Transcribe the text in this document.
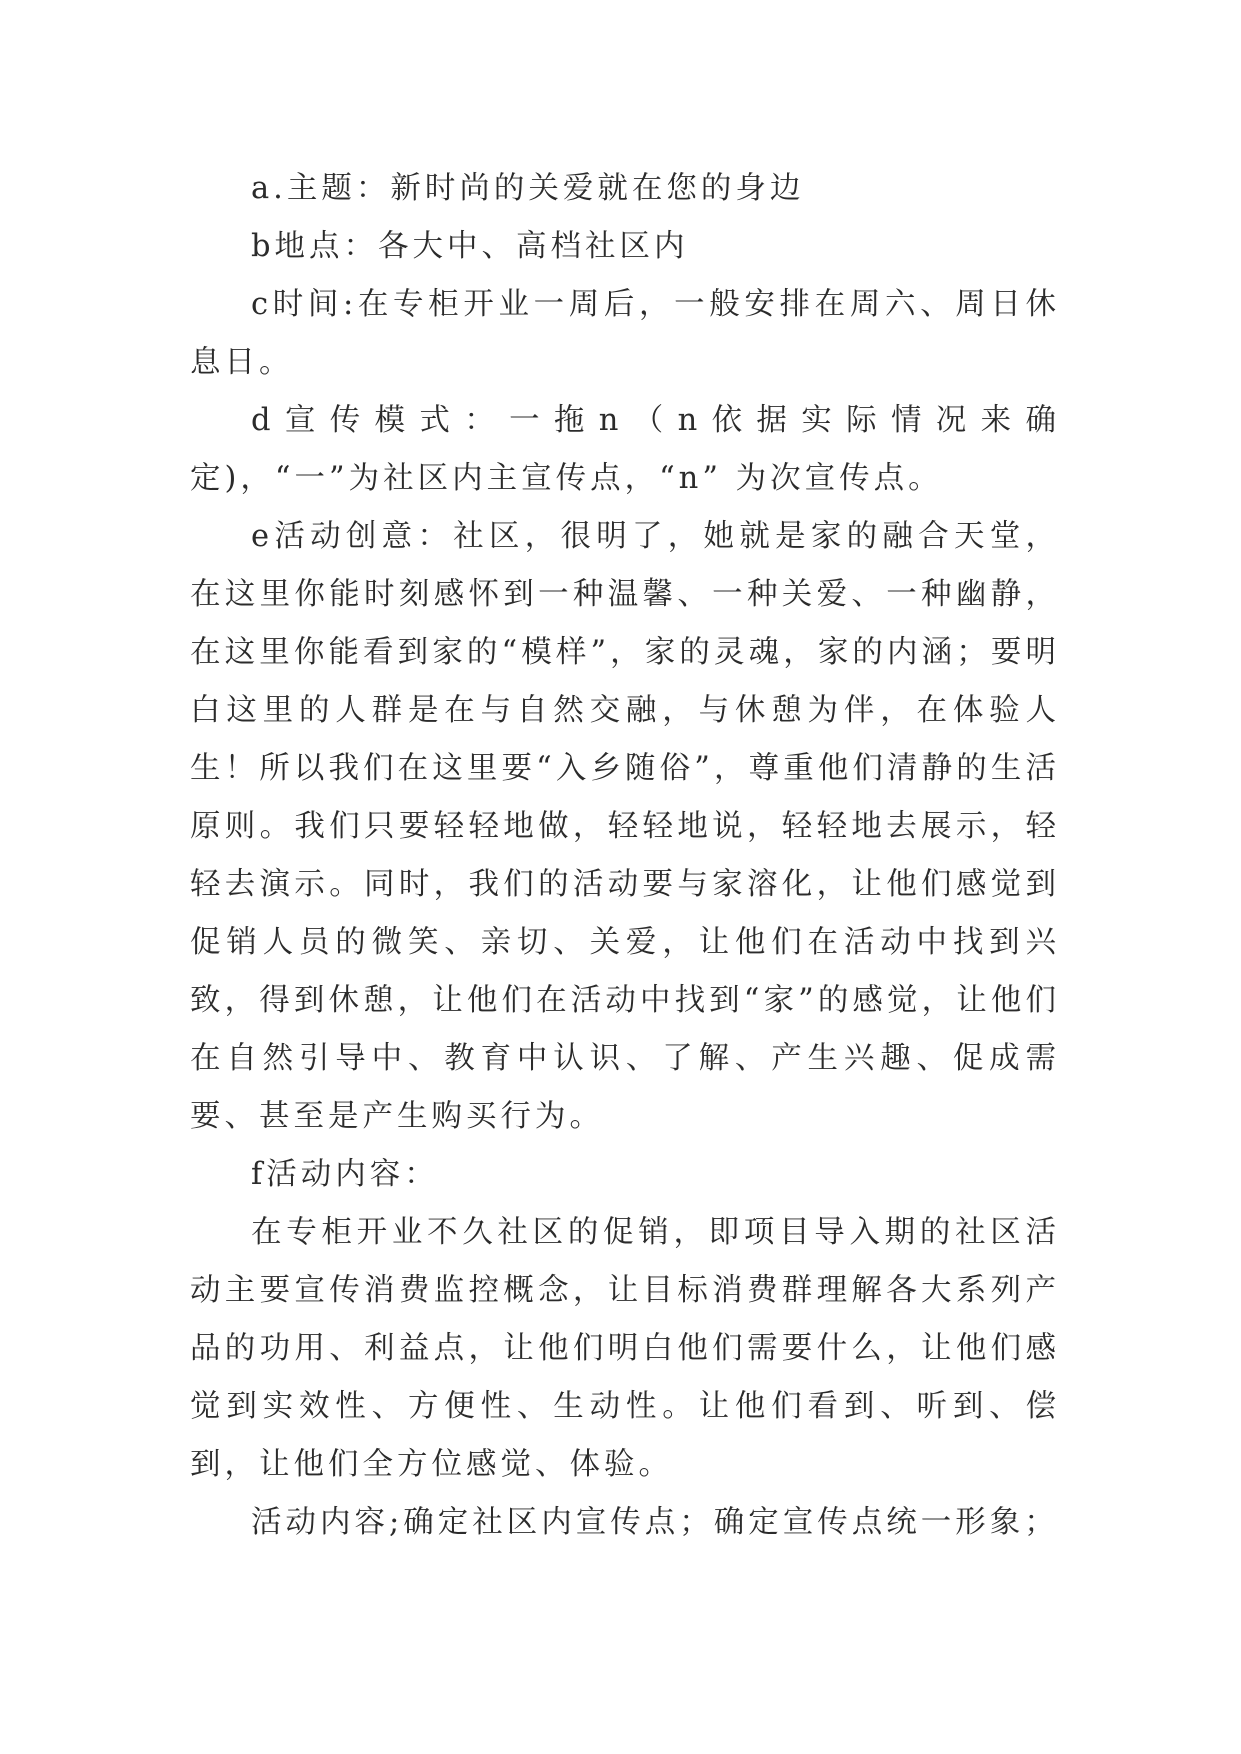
a.主题：新时尚的关爱就在您的身边

b地点：各大中、高档社区内

c时间:在专柜开业一周后，一般安排在周六、周日休息日。

d宣传模式：一拖n（n依据实际情况来确定)，“一”为社区内主宣传点，“n” 为次宣传点。

e活动创意：社区，很明了，她就是家的融合天堂，在这里你能时刻感怀到一种温馨、一种关爱、一种幽静，在这里你能看到家的“模样”，家的灵魂，家的内涵；要明白这里的人群是在与自然交融，与休憩为伴，在体验人生！所以我们在这里要“入乡随俗”，尊重他们清静的生活原则。我们只要轻轻地做，轻轻地说，轻轻地去展示，轻轻去演示。同时，我们的活动要与家溶化，让他们感觉到促销人员的微笑、亲切、关爱，让他们在活动中找到兴致，得到休憩，让他们在活动中找到“家”的感觉，让他们在自然引导中、教育中认识、了解、产生兴趣、促成需要、甚至是产生购买行为。

f活动内容：

在专柜开业不久社区的促销，即项目导入期的社区活动主要宣传消费监控概念，让目标消费群理解各大系列产品的功用、利益点，让他们明白他们需要什么，让他们感觉到实效性、方便性、生动性。让他们看到、听到、偿到，让他们全方位感觉、体验。

活动内容;确定社区内宣传点；确定宣传点统一形象；
